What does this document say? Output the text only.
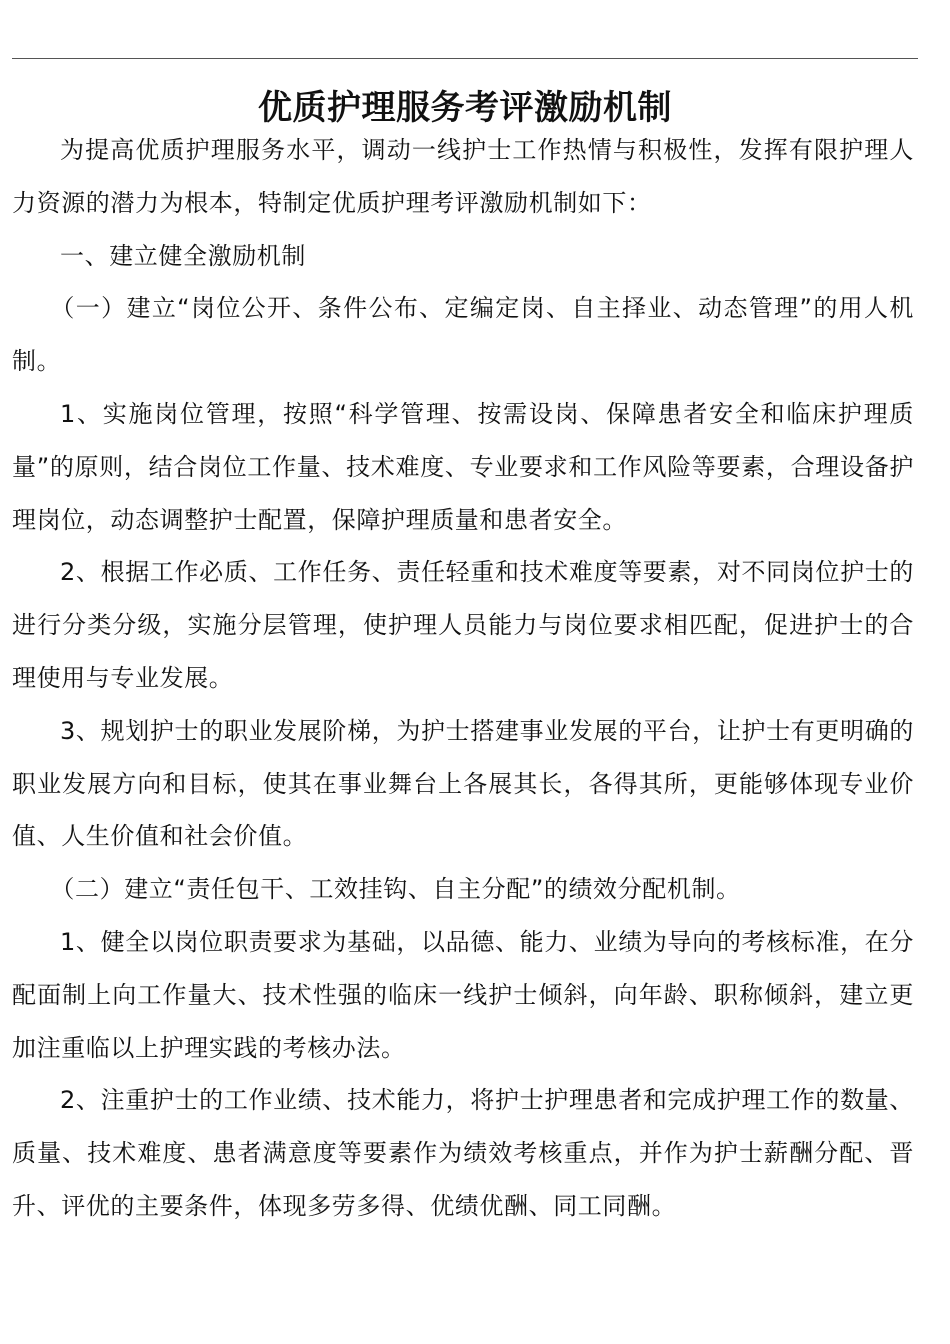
优质护理服务考评激励机制

为提高优质护理服务水平，调动一线护士工作热情与积极性，发挥有限护理人力资源的潜力为根本，特制定优质护理考评激励机制如下：

一、建立健全激励机制

（一）建立“岗位公开、条件公布、定编定岗、自主择业、动态管理”的用人机制。

1、实施岗位管理，按照“科学管理、按需设岗、保障患者安全和临床护理质量”的原则，结合岗位工作量、技术难度、专业要求和工作风险等要素，合理设备护理岗位，动态调整护士配置，保障护理质量和患者安全。

2、根据工作必质、工作任务、责任轻重和技术难度等要素，对不同岗位护士的进行分类分级，实施分层管理，使护理人员能力与岗位要求相匹配，促进护士的合理使用与专业发展。

3、规划护士的职业发展阶梯，为护士搭建事业发展的平台，让护士有更明确的职业发展方向和目标，使其在事业舞台上各展其长，各得其所，更能够体现专业价值、人生价值和社会价值。

（二）建立“责任包干、工效挂钩、自主分配”的绩效分配机制。

1、健全以岗位职责要求为基础，以品德、能力、业绩为导向的考核标准，在分配面制上向工作量大、技术性强的临床一线护士倾斜，向年龄、职称倾斜，建立更加注重临以上护理实践的考核办法。

2、注重护士的工作业绩、技术能力，将护士护理患者和完成护理工作的数量、质量、技术难度、患者满意度等要素作为绩效考核重点，并作为护士薪酬分配、晋升、评优的主要条件，体现多劳多得、优绩优酬、同工同酬。
